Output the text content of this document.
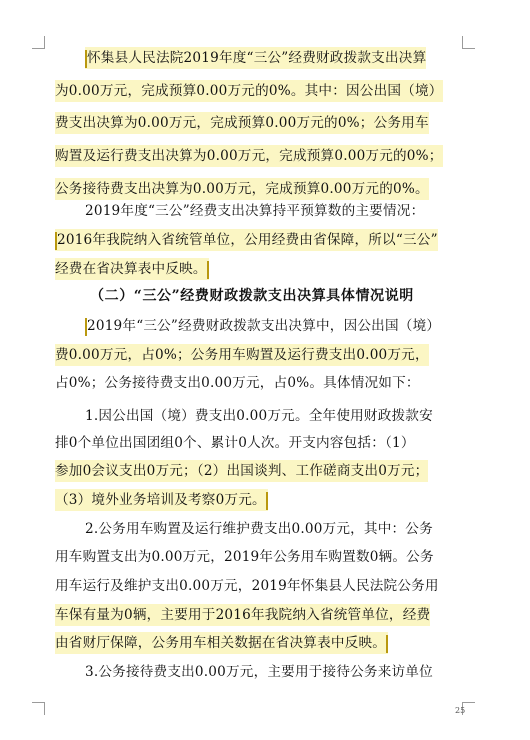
怀集县人民法院2019年度“三公”经费财政拨款支出决算
为0.00万元，完成预算0.00万元的0%。其中：因公出国（境）
费支出决算为0.00万元，完成预算0.00万元的0%；公务用车
购置及运行费支出决算为0.00万元，完成预算0.00万元的0%；
公务接待费支出决算为0.00万元，完成预算0.00万元的0%。
2019年度“三公”经费支出决算持平预算数的主要情况：
2016年我院纳入省统管单位，公用经费由省保障，所以“三公”
经费在省决算表中反映。
（二）“三公”经费财政拨款支出决算具体情况说明
2019年“三公”经费财政拨款支出决算中，因公出国（境）
费0.00万元，占0%；公务用车购置及运行费支出0.00万元，
占0%；公务接待费支出0.00万元，占0%。具体情况如下：
1.因公出国（境）费支出0.00万元。全年使用财政拨款安
排0个单位出国团组0个、累计0人次。开支内容包括：（1）
参加0会议支出0万元；（2）出国谈判、工作磋商支出0万元；
（3）境外业务培训及考察0万元。
2.公务用车购置及运行维护费支出0.00万元，其中：公务
用车购置支出为0.00万元，2019年公务用车购置数0辆。公务
用车运行及维护支出0.00万元，2019年怀集县人民法院公务用
车保有量为0辆，主要用于2016年我院纳入省统管单位，经费
由省财厅保障，公务用车相关数据在省决算表中反映。
3.公务接待费支出0.00万元，主要用于接待公务来访单位
25
